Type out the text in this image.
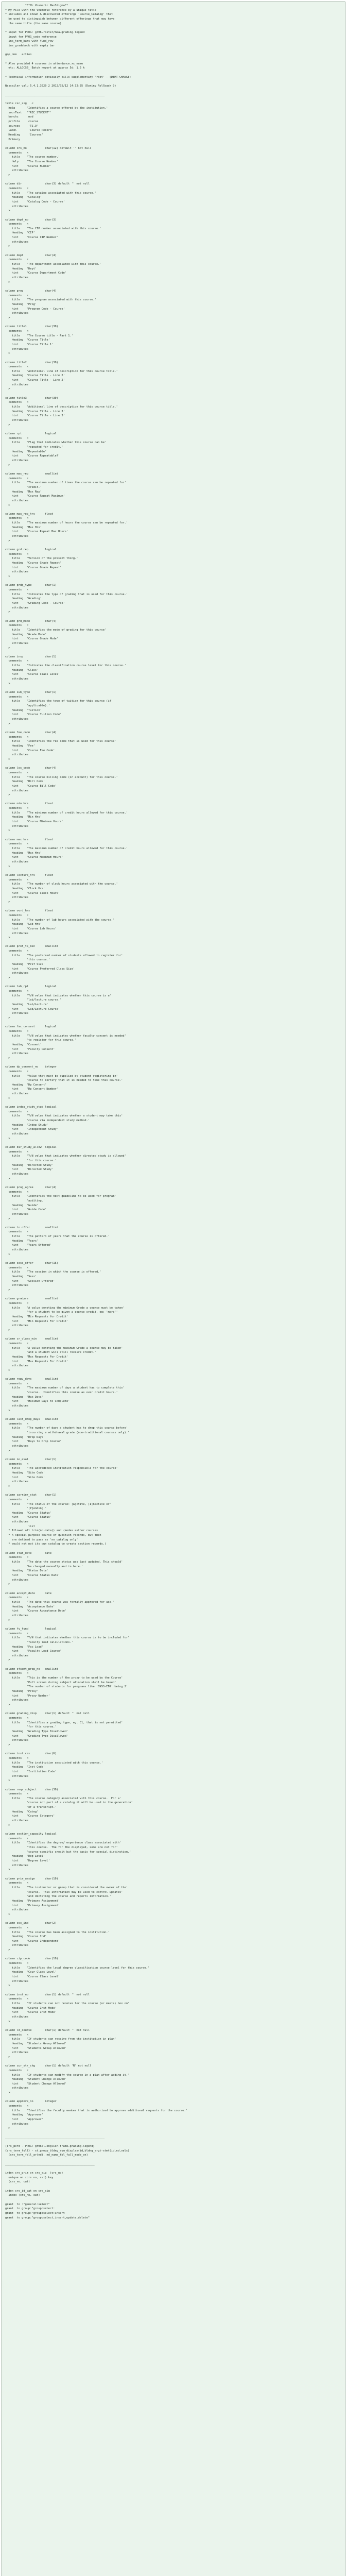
***Mc Vnumeric MaxStigma**
* My File with the Vnumeric reference by a unique title
* includes all known & discovered offerings 'Course_Catalog' that
be used to distinguish between different offerings that may have
the same title (the same course)

* input for PROG: gr06.roster/mea.grading.legend
input for PROG_code reference
ins_term_bars with fund_row
ins_gradebook with empty bar

gmp_dom   action

* Also provided 4 courses in attendance.xx_name
etc: ALLOCSB_ Batch report at approx 5d: 1.5 k

* Technical information-obviously kills supplementary 'root' - (DEMT-CHANGE)

Wassailer valu 5.4.1.3520 2 2012/05/12 14:32:35 (During Rollback 9)

____________________________________________________________

table csc_sig   <
help       'Identifies a course offered by the institution.'
sourText   '"REC_STUDENT"'
bunchc      mod
profile     course
sources     'TS.O'
label       'Course Record'
Heading     'Courses'
Primary

column crs_no           char(12) default '' not null
comments   <
title    'The course number.'
Help     'The Course Number'
hint     'Course Number'
attributes
>

column dir              char(3) default '' not null
comments   <
title    'The catalog associated with this course.'
Heading  'Catalog'
hint     'Catalog Code - Course'
attributes
>

column dept_no          char(3)
comments   <
title    'The CIP number associated with this course.'
Heading  'CIP'
hint     'Course CIP Number'
attributes
>

column dept             char(4)
comments   <
title    'The department associated with this course.'
Heading  'Dept'
hint     'Course Department Code'
attributes
>

column prog             char(4)
comments   <
title    'The program associated with this course.'
Heading  'Prog'
hint     'Program Code - Course'
attributes
>

column title1           char(30)
comments   <
title    'The Course title - Part 1.'
Heading  'Course Title'
hint     'Course Title 1'
attributes
>

column title2           char(30)
comments   <
title    'Additional line of description for this course title.'
Heading  'Course Title - Line 2'
hint     'Course Title - Line 2'
attributes
>

column title3           char(30)
comments   <
title    'Additional line of description for this course title.'
Heading  'Course Title - Line 3'
hint     'Course Title - Line 3'
attributes
>

column rpt              logical
comments   <
title    'Flag that indicates whether this course can be'
'repeated for credit.'
Heading  'Repeatable'
hint     'Course Repeatable?'
attributes
>

column max_rep          smallint
comments   <
title    'The maximum number of times the course can be repeated for'
'credit.'
Heading  'Max Rep'
hint     'Course Repeat Maximum'
attributes
>

column max_rep_hrs      float
comments   <
title    'The maximum number of hours the course can be repeated for.'
Heading  'Max Hrs'
hint     'Course Repeat Max Hours'
attributes
>

column grd_rep          logical
comments   <
title    'Version of the present thing.'
Heading  'Course Grade Repeat'
hint     'Course Grade Repeat'
attributes
>

column grdg_type        char(1)
comments   <
title    'Indicates the type of grading that is used for this course.'
Heading  'Grading'
hint     'Grading Code - Course'
attributes
>

column grd_mode         char(4)
comments   <
title    'Identifies the mode of grading for this course'
Heading  'Grade Mode'
hint     'Course Grade Mode'
attributes
>

column insp             char(1)
comments   <
title    'Indicates the classification course level for this course.'
Heading  'Class'
hint     'Course Class Level'
attributes
>

column sub_type         char(1)
comments   <
title    'Identifies the type of tuition for this course (if'
'applicable).'
Heading  'Tuition'
hint     'Course Tuition Code'
attributes
>

column fee_code         char(4)
comments   <
title    'Identifies the fee code that is used for this course'
Heading  'Fee'
hint     'Course Fee Code'
attributes
>

column loc_code         char(4)
comments   <
title    'The course billing code (or account) for this course.'
Heading  'Bill Code'
hint     'Course Bill Code'
attributes
>

column min_hrs          float
comments   <
title    'The minimum number of credit hours allowed for this course.'
Heading  'Min Hrs'
hint     'Course Minimum Hours'
attributes
>

column max_hrs          float
comments   <
title    'The maximum number of credit hours allowed for this course.'
Heading  'Max Hrs'
hint     'Course Maximum Hours'
attributes
>

column lecture_hrs      float
comments   <
title    'The number of clock hours associated with the course.'
Heading  'Clock Hrs'
hint     'Course Clock Hours'
attributes
>

column ovrd_hrs         float
comments   <
title    'The number of lab hours associated with the course.'
Heading  'Lab Hrs'
hint     'Course Lab Hours'
attributes
>

column prof_ts_min      smallint
comments   <
title    'The preferred number of students allowed to register for'
'this course.'
Heading  'Pref Size'
hint     'Course Preferred Class Size'
attributes
>

column lab_rpt          logical
comments   <
title    'Y/N value that indicates whether this course is a'
'lab/lecture course.'
Heading  'Lab/Lecture'
hint     'Lab/Lecture Course'
attributes
>

column fac_consent      logical
comments   <
title    'Y/N value that indicates whether faculty consent is needed'
'to register for this course.'
Heading  'Consent'
hint     'Faculty Consent'
attributes
>

column dp_consent_no    integer
comments   <
title    'Value that must be supplied by student registering in'
'course to certify that it is needed to take this course.'
Heading  'Dp Consent'
hint     'Dp Consent Number'
attributes
>

column indep_study_stud logical
comments   <
title    'Y/N value that indicates whether a student may take this'
'course via independent study method.'
Heading  'Indep Study'
hint     'Independent Study'
attributes
>

column dir_study_allow  logical
comments   <
title    'Y/N value that indicates whether directed study is allowed'
'for this course.'
Heading  'Directed Study'
hint     'Directed Study'
attributes
>

column prog_agree       char(4)
comments   <
title    'Identifies the next guideline to be used for program'
'auditing.'
Heading  'Guide'
hint     'Guide Code'
attributes
>

column to_offer         smallint
comments   <
title    'The pattern of years that the course is offered.'
Heading  'Years'
hint     'Years Offered'
attributes
>

column sess_offer       char(16)
comments   <
title    'The session in which the course is offered.'
Heading  'Sess'
hint     'Session Offered'
attributes
>

column gradyrs          smallint
comments   <
title    'A value denoting the minimum Grade a course must be taken'
'for a student to be given a course credit, eg: 'more''
Heading  'Min Requests for Credit'
hint     'Min Requests For Credit'
attributes
>

column cr_class_min     smallint
comments   <
title    'A value denoting the maximum Grade a course may be taken'
'and a student will still receive credit.'
Heading  'Max Requests For Credit'
hint     'Max Requests For Credit'
attributes
>

column repu_days        smallint
comments   <
title    'The maximum number of days a student has to complete this'
'course.  Identifies this course as over credit hours.'
Heading  'Max Days'
hint     'Maximum Days to Complete'
attributes
>

column last_drop_days   smallint
comments   <
title    'The number of days a student has to drop this course before'
'incurring a withdrawal grade (non-traditional courses only).'
Heading  'Drop Days'
hint     'Days to Drop Course'
attributes
>

column no_eval          char(1)
comments   <
title    'The accredited institution responsible for the course'
Heading  'Site Code'
hint     'Site Code'
attributes
>

column carrier_stat     char(1)
comments   <
title    'The status of the course: [A]ctive, [I]nactive or'
'[P]ending.'
Heading  'Course Status'
hint     'Course Status'
attributes
list
* Allowed all trim(no-data)) and (modes author courses
* A special purpose course of question records, but then
are defined to pass as 'no_catalog only'
* would not not its own catalog to create section records.)

column stat_date        date
comments   <
title    'The date the course status was last updated. This should'
'be changed manually and in here.'
Heading  'Status Date'
hint     'Course Status Date'
attributes
>

column accept_date      date
comments   <
title    'The date this course was formally approved for use.'
Heading  'Acceptance Date'
hint     'Course Acceptance Date'
attributes
>

column fy_fund          logical
comments   <
title    'Y/N that indicates whether this course is to be included for'
'faculty load calculations.'
Heading  'Fac Load'
hint     'Faculty Load Course'
attributes
>

column ofcamt_prop_no   smallint
comments   <
title    'This is the number of the proxy to be used by the Course'
'Pull screen during subject allocation shall be based'
'The number of students for programs like 'CNSS-EB9' being 2'
Heading  'Proxy'
hint     'Proxy Number'
attributes
>

column grading_disp     char(1) default '' not null
comments   <
title    'Identifies a grading type, eg. C1, that is not permitted'
'for this course.'
Heading  'Grading Type Disallowed'
hint     'Grading Type Disallowed'
attributes
>

column inst_crs         char(6)
comments   <
title    'The institution associated with this course.'
Heading  'Inst Code'
hint     'Institution Code'
attributes
>

column reqr_subject     char(30)
comments   <
title    'The course category associated with this course.  For a'
'course not part of a catalog it will be used in the generation'
'of a transcript.'
Heading  'Categ'
hint     'Course Category'
attributes
>

column section_capacity logical
comments   <
title    'Identifies the degree/ experience class associated with'
'this course.  The for the displayed, some are not for'
'course-specific credit but the basis for special distinction.'
Heading  'Deg Level'
hint     'Degree Level'
attributes
>

column prim_assign      char(10)
comments   <
title    'The instructor or group that is considered the owner of the'
'course.  This information may be used to control updates'
'and dictating the course and reports information.'
Heading  'Primary Assignment'
hint     'Primary Assignment'
attributes
>

column csc_ind          char(2)
comments   <
title    'The course has been assigned to the institution.'
Heading  'Course Ind'
hint     'Course Independent'
attributes
>

column cip_code         char(10)
comments   <
title    'Identifies the local degree classification course level for this course.'
Heading  'Cour Class Level'
hint     'Course Class Level'
attributes
>

column inst_no          char(1) default '' not null
comments   <
title    'If students can not receive for the course (or meets) box on'
Heading  'Course Inst Mode'
hint     'Course Inst Mode'
attributes
>

column ld_course        char(1) default '' not null
comments   <
title    'If students can receive from the institution in plan'
Heading  'Students Group Allowed'
hint     'Students Group Allowed'
attributes
>

column cur_str_chg      char(1) default 'N' not null
comments   <
title    'If students can modify the course in a plan after adding it.'
Heading  'Student Change Allowed'
hint     'Student Change Allowed'
attributes
>

column approve_no       integer
comments   <
title    'Identifies the faculty member that is authorized to approve additional requests for the course.'
Heading  'Approver'
hint     'Approver'
attributes
>

____________________________________________________________

{crs_pcfd - PROG: gr06al.english.frame.grading.legend}
{crs_term_full} - st.group_bldng_sum_display(id,bldng_arg)-stmt(id,nd,vals)
(crs_term_fell_ar(nd), nd_name_tbl_fall_mode_on)

______________________________________________________

index crs_prim on crs_sig  (crs_no)
unique on (crs_no, cat) key
(crs_no, cat)

index crs_id_cat on crs_sig
index (crs_no, cat)

grant  to :"general:select"
grant  to group:"group:select:
grant  to group:"group:select:insert
grant  to group:"group:select,insert,update,delete"
